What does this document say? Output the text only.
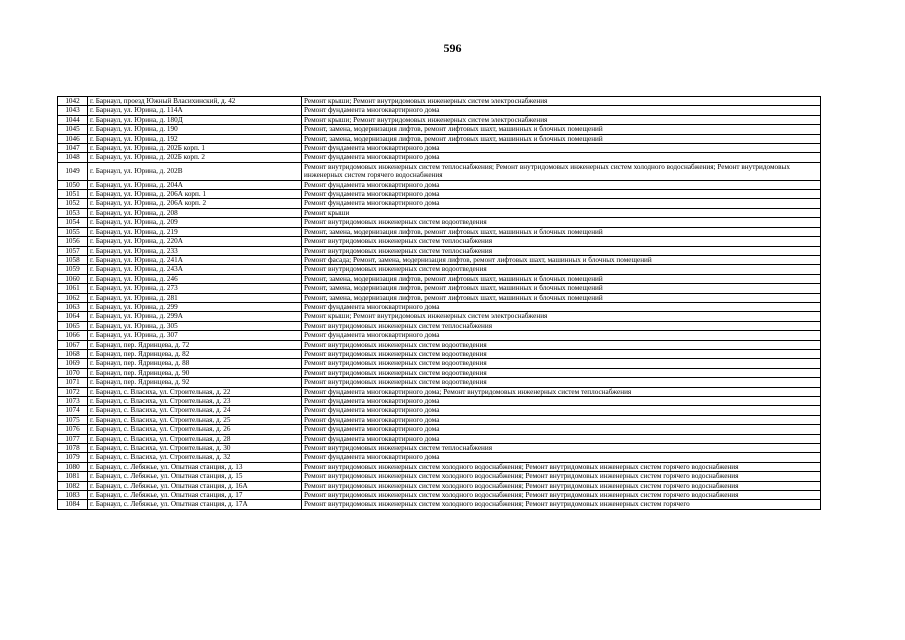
596
1042	г. Барнаул, проезд Южный Власихинский, д. 42	Ремонт крыши; Ремонт внутридомовых инженерных систем электроснабжения
1043	г. Барнаул, ул. Юрина, д. 114А	Ремонт фундамента многоквартирного дома
1044	г. Барнаул, ул. Юрина, д. 180Д	Ремонт крыши; Ремонт внутридомовых инженерных систем электроснабжения
1045	г. Барнаул, ул. Юрина, д. 190	Ремонт, замена, модернизация лифтов, ремонт лифтовых шахт, машинных и блочных помещений
1046	г. Барнаул, ул. Юрина, д. 192	Ремонт, замена, модернизация лифтов, ремонт лифтовых шахт, машинных и блочных помещений
1047	г. Барнаул, ул. Юрина, д. 202Б корп. 1	Ремонт фундамента многоквартирного дома
1048	г. Барнаул, ул. Юрина, д. 202Б корп. 2	Ремонт фундамента многоквартирного дома
1049	г. Барнаул, ул. Юрина, д. 202В	Ремонт внутридомовых инженерных систем теплоснабжения; Ремонт внутридомовых инженерных систем холодного водоснабжения; Ремонт внутридомовых инженерных систем горячего водоснабжения
1050	г. Барнаул, ул. Юрина, д. 204А	Ремонт фундамента многоквартирного дома
1051	г. Барнаул, ул. Юрина, д. 206А корп. 1	Ремонт фундамента многоквартирного дома
1052	г. Барнаул, ул. Юрина, д. 206А корп. 2	Ремонт фундамента многоквартирного дома
1053	г. Барнаул, ул. Юрина, д. 208	Ремонт крыши
1054	г. Барнаул, ул. Юрина, д. 209	Ремонт внутридомовых инженерных систем водоотведения
1055	г. Барнаул, ул. Юрина, д. 219	Ремонт, замена, модернизация лифтов, ремонт лифтовых шахт, машинных и блочных помещений
1056	г. Барнаул, ул. Юрина, д. 220А	Ремонт внутридомовых инженерных систем теплоснабжения
1057	г. Барнаул, ул. Юрина, д. 233	Ремонт внутридомовых инженерных систем теплоснабжения
1058	г. Барнаул, ул. Юрина, д. 241А	Ремонт фасада; Ремонт, замена, модернизация лифтов, ремонт лифтовых шахт, машинных и блочных помещений
1059	г. Барнаул, ул. Юрина, д. 243А	Ремонт внутридомовых инженерных систем водоотведения
1060	г. Барнаул, ул. Юрина, д. 246	Ремонт, замена, модернизация лифтов, ремонт лифтовых шахт, машинных и блочных помещений
1061	г. Барнаул, ул. Юрина, д. 273	Ремонт, замена, модернизация лифтов, ремонт лифтовых шахт, машинных и блочных помещений
1062	г. Барнаул, ул. Юрина, д. 281	Ремонт, замена, модернизация лифтов, ремонт лифтовых шахт, машинных и блочных помещений
1063	г. Барнаул, ул. Юрина, д. 299	Ремонт фундамента многоквартирного дома
1064	г. Барнаул, ул. Юрина, д. 299А	Ремонт крыши; Ремонт внутридомовых инженерных систем электроснабжения
1065	г. Барнаул, ул. Юрина, д. 305	Ремонт внутридомовых инженерных систем теплоснабжения
1066	г. Барнаул, ул. Юрина, д. 307	Ремонт фундамента многоквартирного дома
1067	г. Барнаул, пер. Ядринцева, д. 72	Ремонт внутридомовых инженерных систем водоотведения
1068	г. Барнаул, пер. Ядринцева, д. 82	Ремонт внутридомовых инженерных систем водоотведения
1069	г. Барнаул, пер. Ядринцева, д. 88	Ремонт внутридомовых инженерных систем водоотведения
1070	г. Барнаул, пер. Ядринцева, д. 90	Ремонт внутридомовых инженерных систем водоотведения
1071	г. Барнаул, пер. Ядринцева, д. 92	Ремонт внутридомовых инженерных систем водоотведения
1072	г. Барнаул, с. Власиха, ул. Строительная, д. 22	Ремонт фундамента многоквартирного дома; Ремонт внутридомовых инженерных систем теплоснабжения
1073	г. Барнаул, с. Власиха, ул. Строительная, д. 23	Ремонт фундамента многоквартирного дома
1074	г. Барнаул, с. Власиха, ул. Строительная, д. 24	Ремонт фундамента многоквартирного дома
1075	г. Барнаул, с. Власиха, ул. Строительная, д. 25	Ремонт фундамента многоквартирного дома
1076	г. Барнаул, с. Власиха, ул. Строительная, д. 26	Ремонт фундамента многоквартирного дома
1077	г. Барнаул, с. Власиха, ул. Строительная, д. 28	Ремонт фундамента многоквартирного дома
1078	г. Барнаул, с. Власиха, ул. Строительная, д. 30	Ремонт внутридомовых инженерных систем теплоснабжения
1079	г. Барнаул, с. Власиха, ул. Строительная, д. 32	Ремонт фундамента многоквартирного дома
1080	г. Барнаул, с. Лебяжье, ул. Опытная станция, д. 13	Ремонт внутридомовых инженерных систем холодного водоснабжения; Ремонт внутридомовых инженерных систем горячего водоснабжения
1081	г. Барнаул, с. Лебяжье, ул. Опытная станция, д. 15	Ремонт внутридомовых инженерных систем холодного водоснабжения; Ремонт внутридомовых инженерных систем горячего водоснабжения
1082	г. Барнаул, с. Лебяжье, ул. Опытная станция, д. 16А	Ремонт внутридомовых инженерных систем холодного водоснабжения; Ремонт внутридомовых инженерных систем горячего водоснабжения
1083	г. Барнаул, с. Лебяжье, ул. Опытная станция, д. 17	Ремонт внутридомовых инженерных систем холодного водоснабжения; Ремонт внутридомовых инженерных систем горячего водоснабжения
1084	г. Барнаул, с. Лебяжье, ул. Опытная станция, д. 17А	Ремонт внутридомовых инженерных систем холодного водоснабжения; Ремонт внутридомовых инженерных систем горячего
